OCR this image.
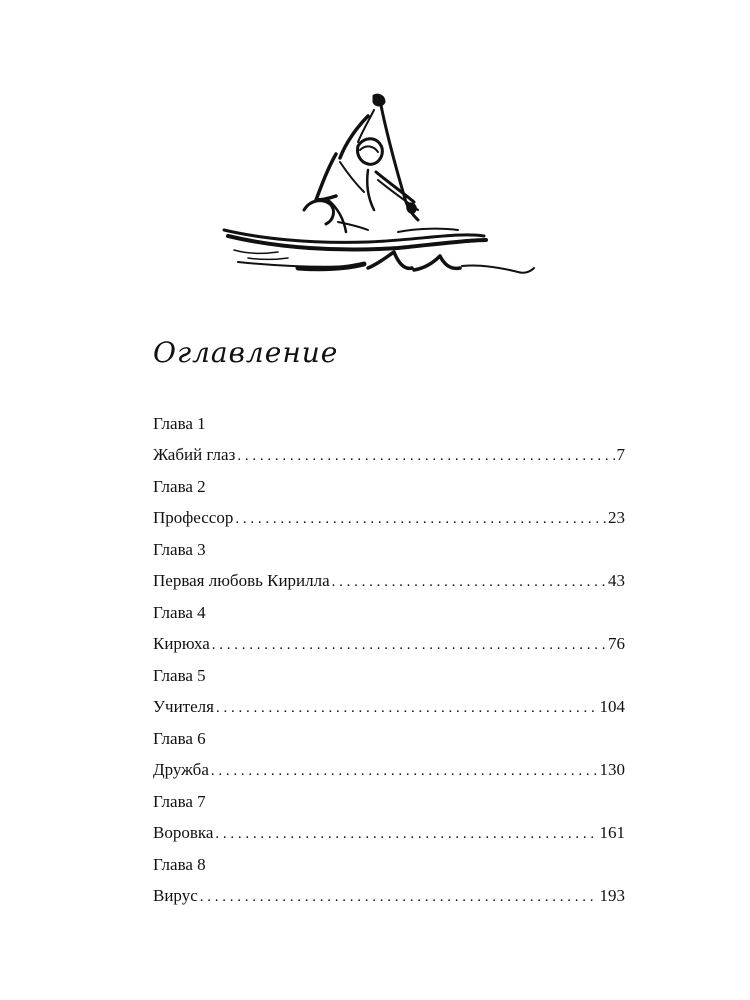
Оглавление
Глава 1
Жабий глаз . . .	7
Глава 2
Профессор . . .	23
Глава 3
Первая любовь Кирилла . . .	43
Глава 4
Кирюха . . .	76
Глава 5
Учителя . . .	104
Глава 6
Дружба . . .	130
Глава 7
Воровка . . .	161
Глава 8
Вирус . . .	193
